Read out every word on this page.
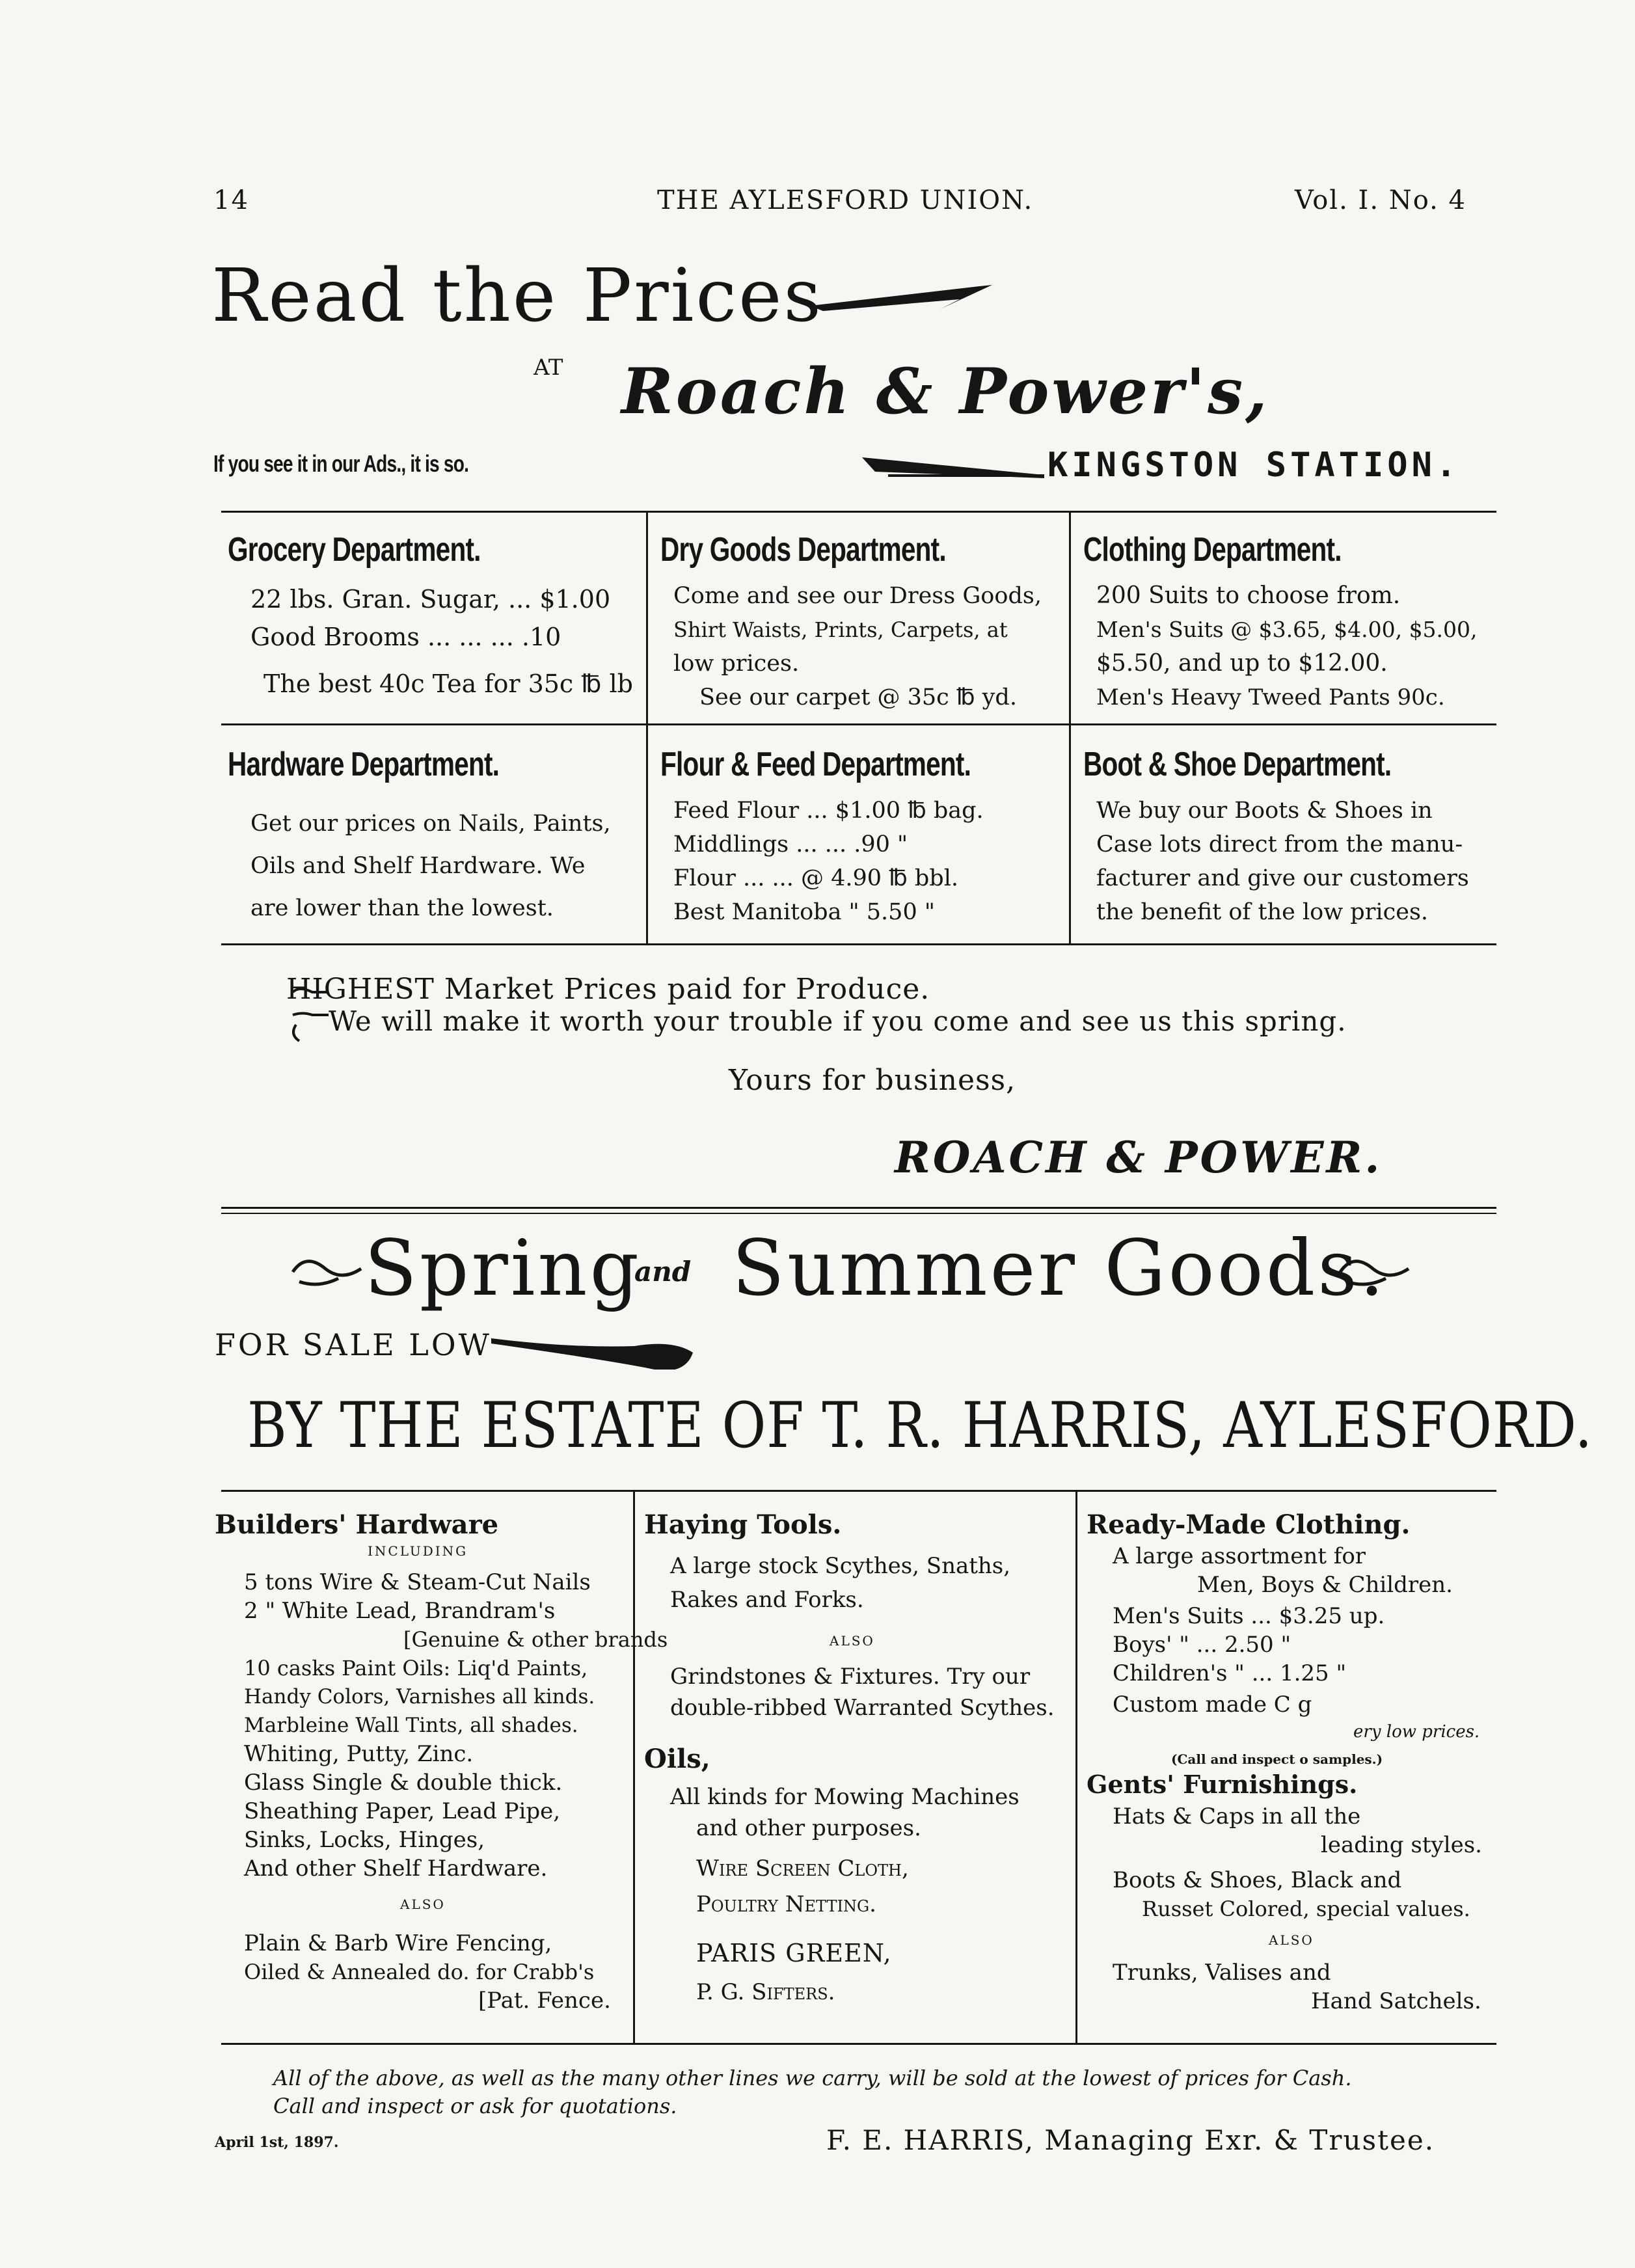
14	THE AYLESFORD UNION.	Vol. I. No. 4
Read the Prices
AT Roach & Power's,
If you see it in our Ads., it is so.	KINGSTON STATION.
Grocery Department.
22 lbs. Gran. Sugar, ... $1.00
Good Brooms ... ... ... .10
The best 40c Tea for 35c ℔ lb
Dry Goods Department.
Come and see our Dress Goods,
Shirt Waists, Prints, Carpets, at
low prices.
See our carpet @ 35c ℔ yd.
Clothing Department.
200 Suits to choose from.
Men's Suits @ $3.65, $4.00, $5.00,
$5.50, and up to $12.00.
Men's Heavy Tweed Pants 90c.
Hardware Department.
Get our prices on Nails, Paints,
Oils and Shelf Hardware. We
are lower than the lowest.
Flour & Feed Department.
Feed Flour ... $1.00 ℔ bag.
Middlings ... ... .90 "
Flour ... ... @ 4.90 ℔ bbl.
Best Manitoba " 5.50 "
Boot & Shoe Department.
We buy our Boots & Shoes in
Case lots direct from the manu-
facturer and give our customers
the benefit of the low prices.
HIGHEST Market Prices paid for Produce.
We will make it worth your trouble if you come and see us this spring.
Yours for business,
ROACH & POWER.
Spring
and Summer Goods.
FOR SALE LOW
BY THE ESTATE OF T. R. HARRIS, AYLESFORD.
Builders' Hardware
INCLUDING
5 tons Wire & Steam-Cut Nails
2 " White Lead, Brandram's
[Genuine & other brands
10 casks Paint Oils: Liq'd Paints,
Handy Colors, Varnishes all kinds.
Marbleine Wall Tints, all shades.
Whiting, Putty, Zinc.
Glass Single & double thick.
Sheathing Paper, Lead Pipe,
Sinks, Locks, Hinges,
And other Shelf Hardware.
ALSO
Plain & Barb Wire Fencing,
Oiled & Annealed do. for Crabb's
[Pat. Fence.
Haying Tools.
A large stock Scythes, Snaths,
Rakes and Forks.
ALSO
Grindstones & Fixtures. Try our
double-ribbed Warranted Scythes.
Oils,
All kinds for Mowing Machines
and other purposes.
Wire Screen Cloth,
Poultry Netting.
PARIS GREEN,
P. G. Sifters.
Ready-Made Clothing.
A large assortment for
Men, Boys & Children.
Men's Suits ... $3.25 up.
Boys' " ... 2.50 "
Children's " ... 1.25 "
Custom made C g
ery low prices.
(Call and inspect o samples.)
Gents' Furnishings.
Hats & Caps in all the
leading styles.
Boots & Shoes, Black and
Russet Colored, special values.
ALSO
Trunks, Valises and
Hand Satchels.
All of the above, as well as the many other lines we carry, will be sold at the lowest of prices for Cash.
Call and inspect or ask for quotations.
April 1st, 1897.	F. E. HARRIS, Managing Exr. & Trustee.
